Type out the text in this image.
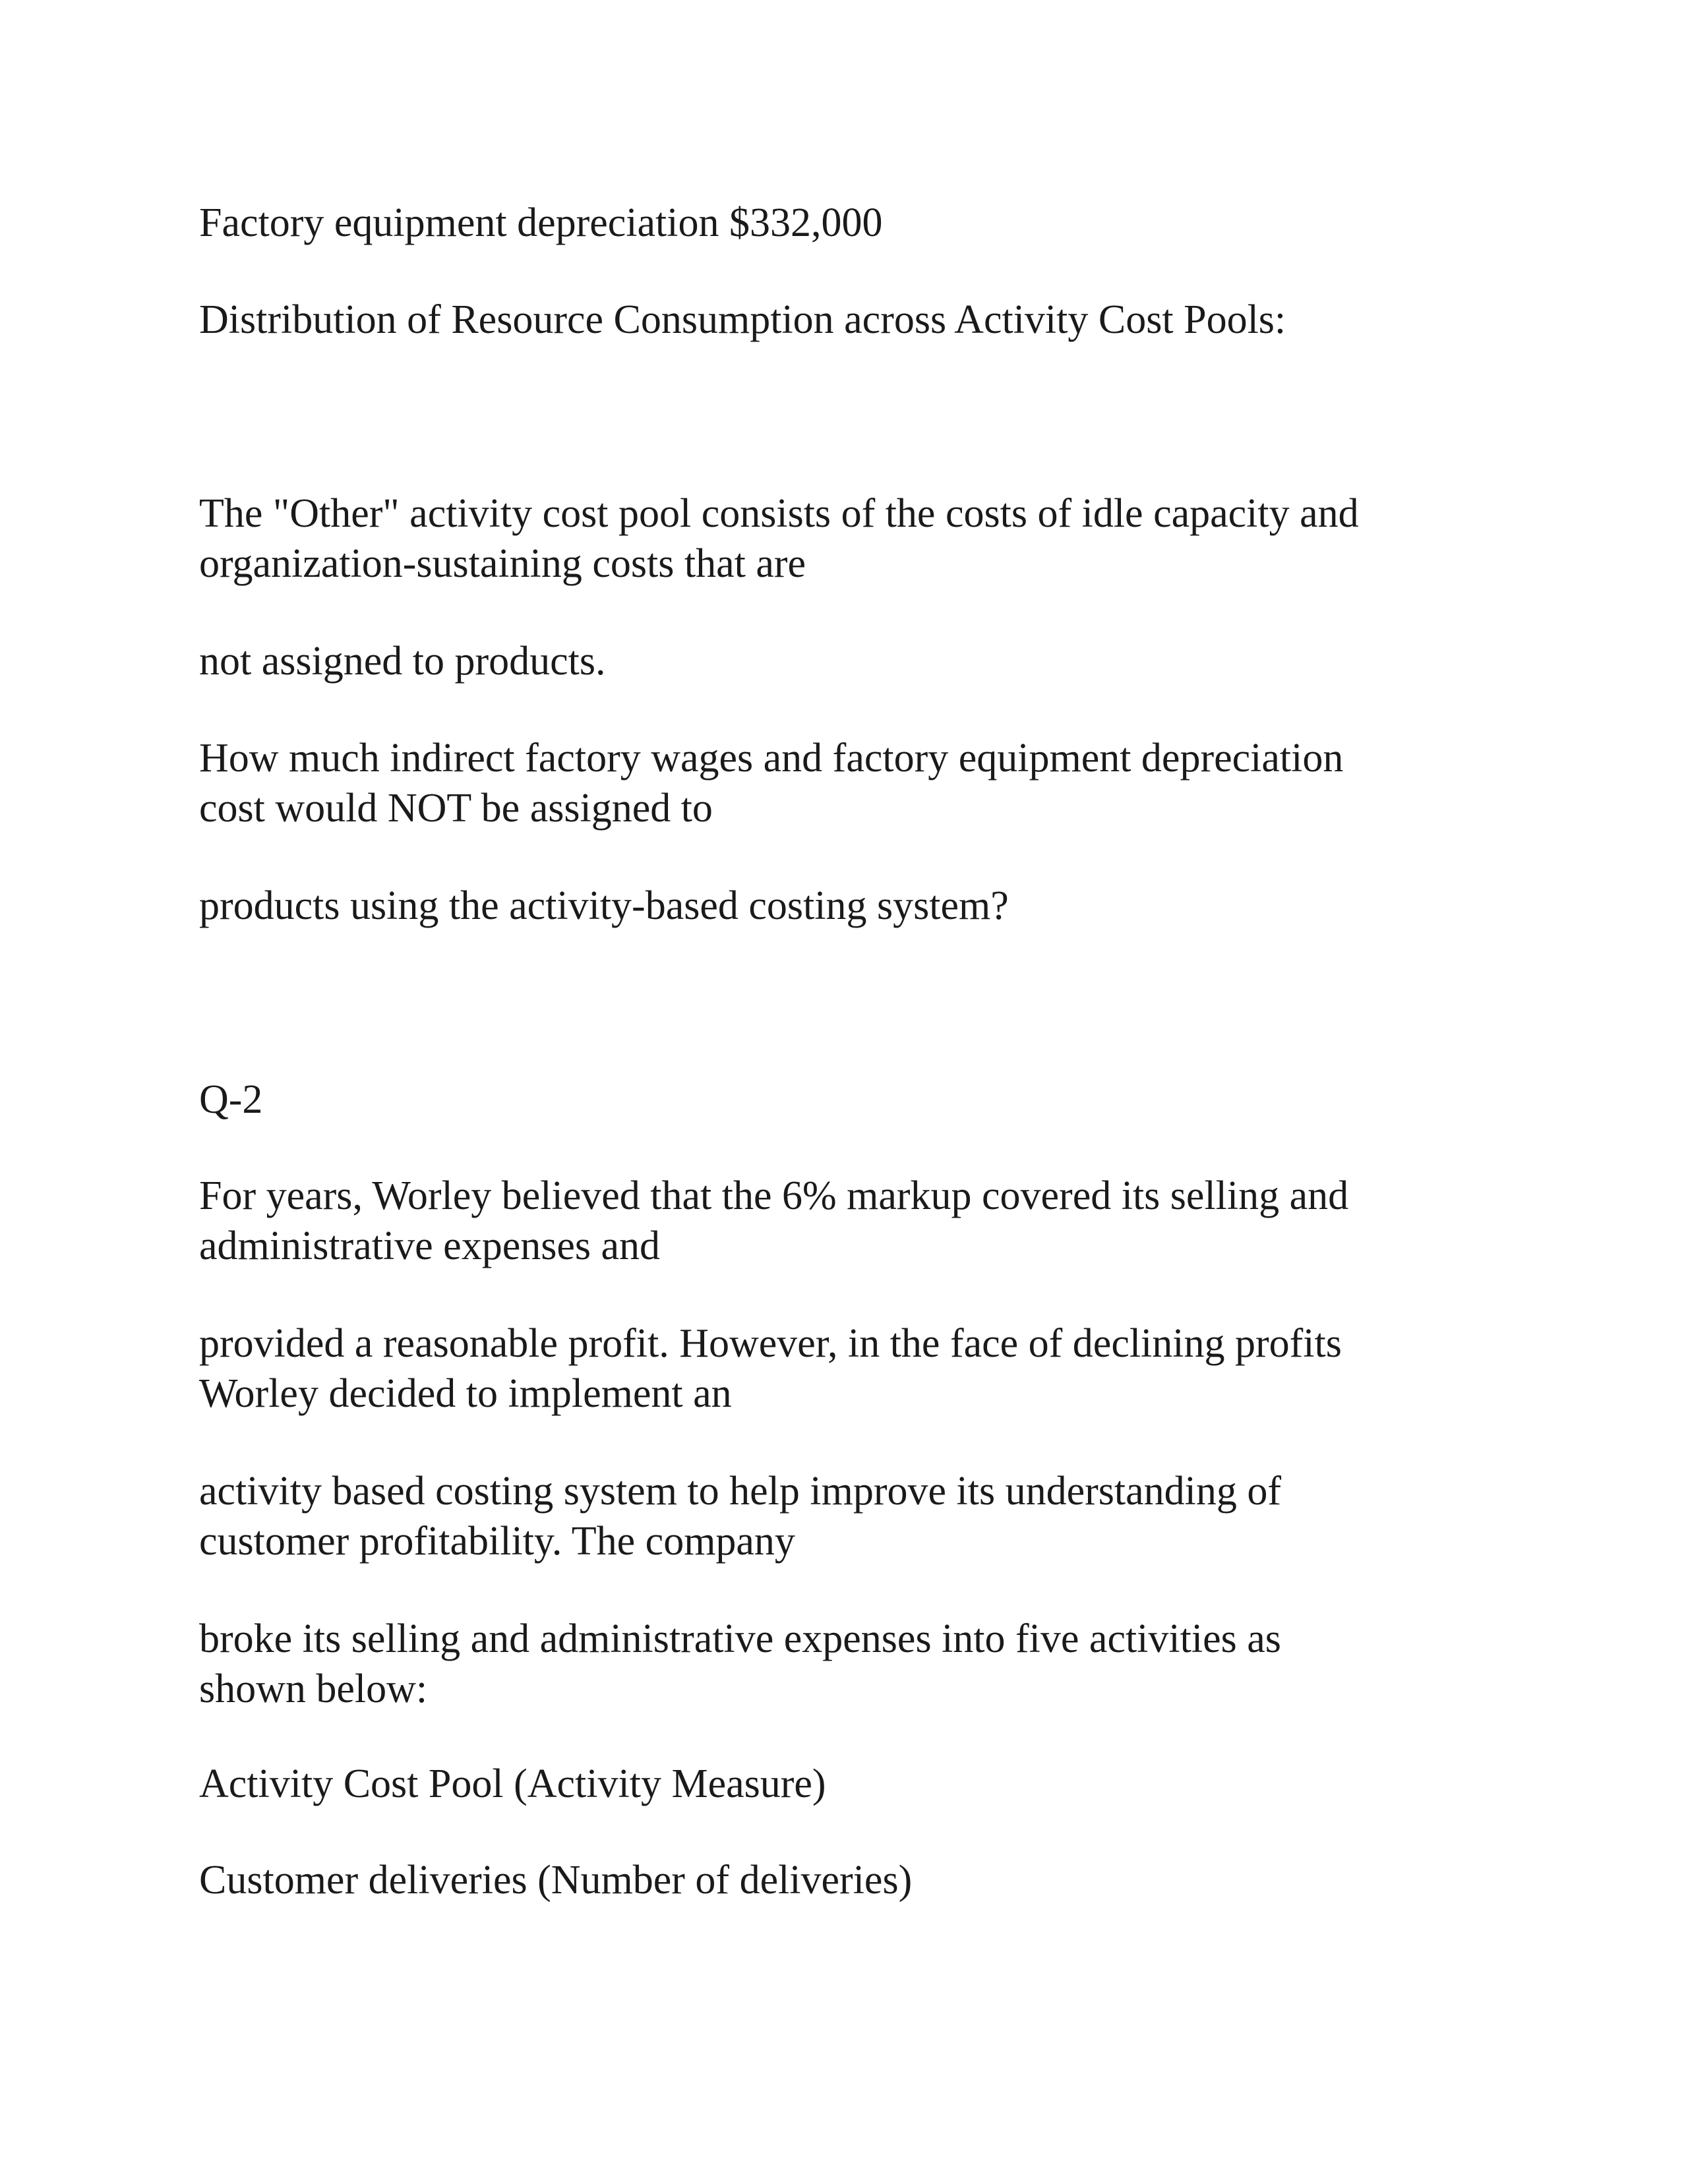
Factory equipment depreciation $332,000

Distribution of Resource Consumption across Activity Cost Pools:

The "Other" activity cost pool consists of the costs of idle capacity and
organization-sustaining costs that are

not assigned to products.

How much indirect factory wages and factory equipment depreciation
cost would NOT be assigned to

products using the activity-based costing system?

Q-2

For years, Worley believed that the 6% markup covered its selling and
administrative expenses and

provided a reasonable profit. However, in the face of declining profits
Worley decided to implement an

activity based costing system to help improve its understanding of
customer profitability. The company

broke its selling and administrative expenses into five activities as
shown below:

Activity Cost Pool (Activity Measure)

Customer deliveries (Number of deliveries)
